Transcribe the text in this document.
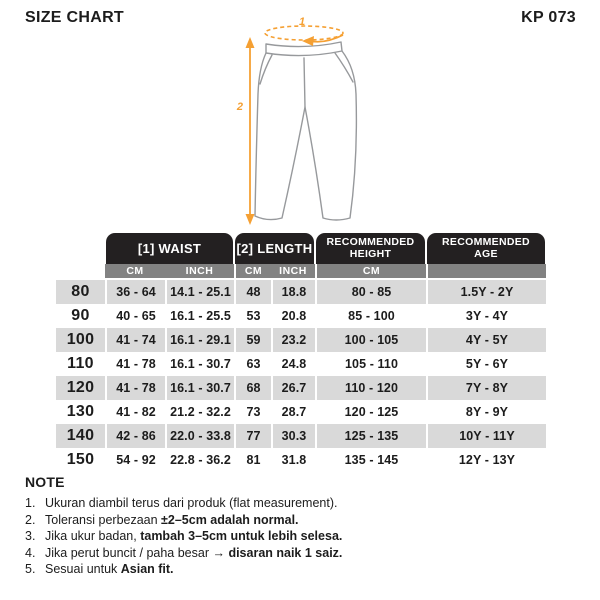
SIZE CHART	KP 073
1
2
[1] WAIST	[2] LENGTH	RECOMMENDED HEIGHT
RECOMMENDED AGE
CM	INCH	CM	INCH	CM
80	36 - 64	14.1 - 25.1	48	18.8	80 - 85	1.5Y - 2Y
90	40 - 65	16.1 - 25.5	53	20.8	85 - 100	3Y - 4Y
100	41 - 74	16.1 - 29.1	59	23.2	100 - 105	4Y - 5Y
110	41 - 78	16.1 - 30.7	63	24.8	105 - 110	5Y - 6Y
120	41 - 78	16.1 - 30.7	68	26.7	110 - 120	7Y - 8Y
130	41 - 82	21.2 - 32.2	73	28.7	120 - 125	8Y - 9Y
140	42 - 86	22.0 - 33.8	77	30.3	125 - 135	10Y - 11Y
150	54 - 92	22.8 - 36.2	81	31.8	135 - 145	12Y - 13Y
NOTE
1. Ukuran diambil terus dari produk (flat measurement).
2. Toleransi perbezaan ±2–5cm adalah normal.
3. Jika ukur badan, tambah 3–5cm untuk lebih selesa.
4. Jika perut buncit / paha besar → disaran naik 1 saiz.
5. Sesuai untuk Asian fit.
